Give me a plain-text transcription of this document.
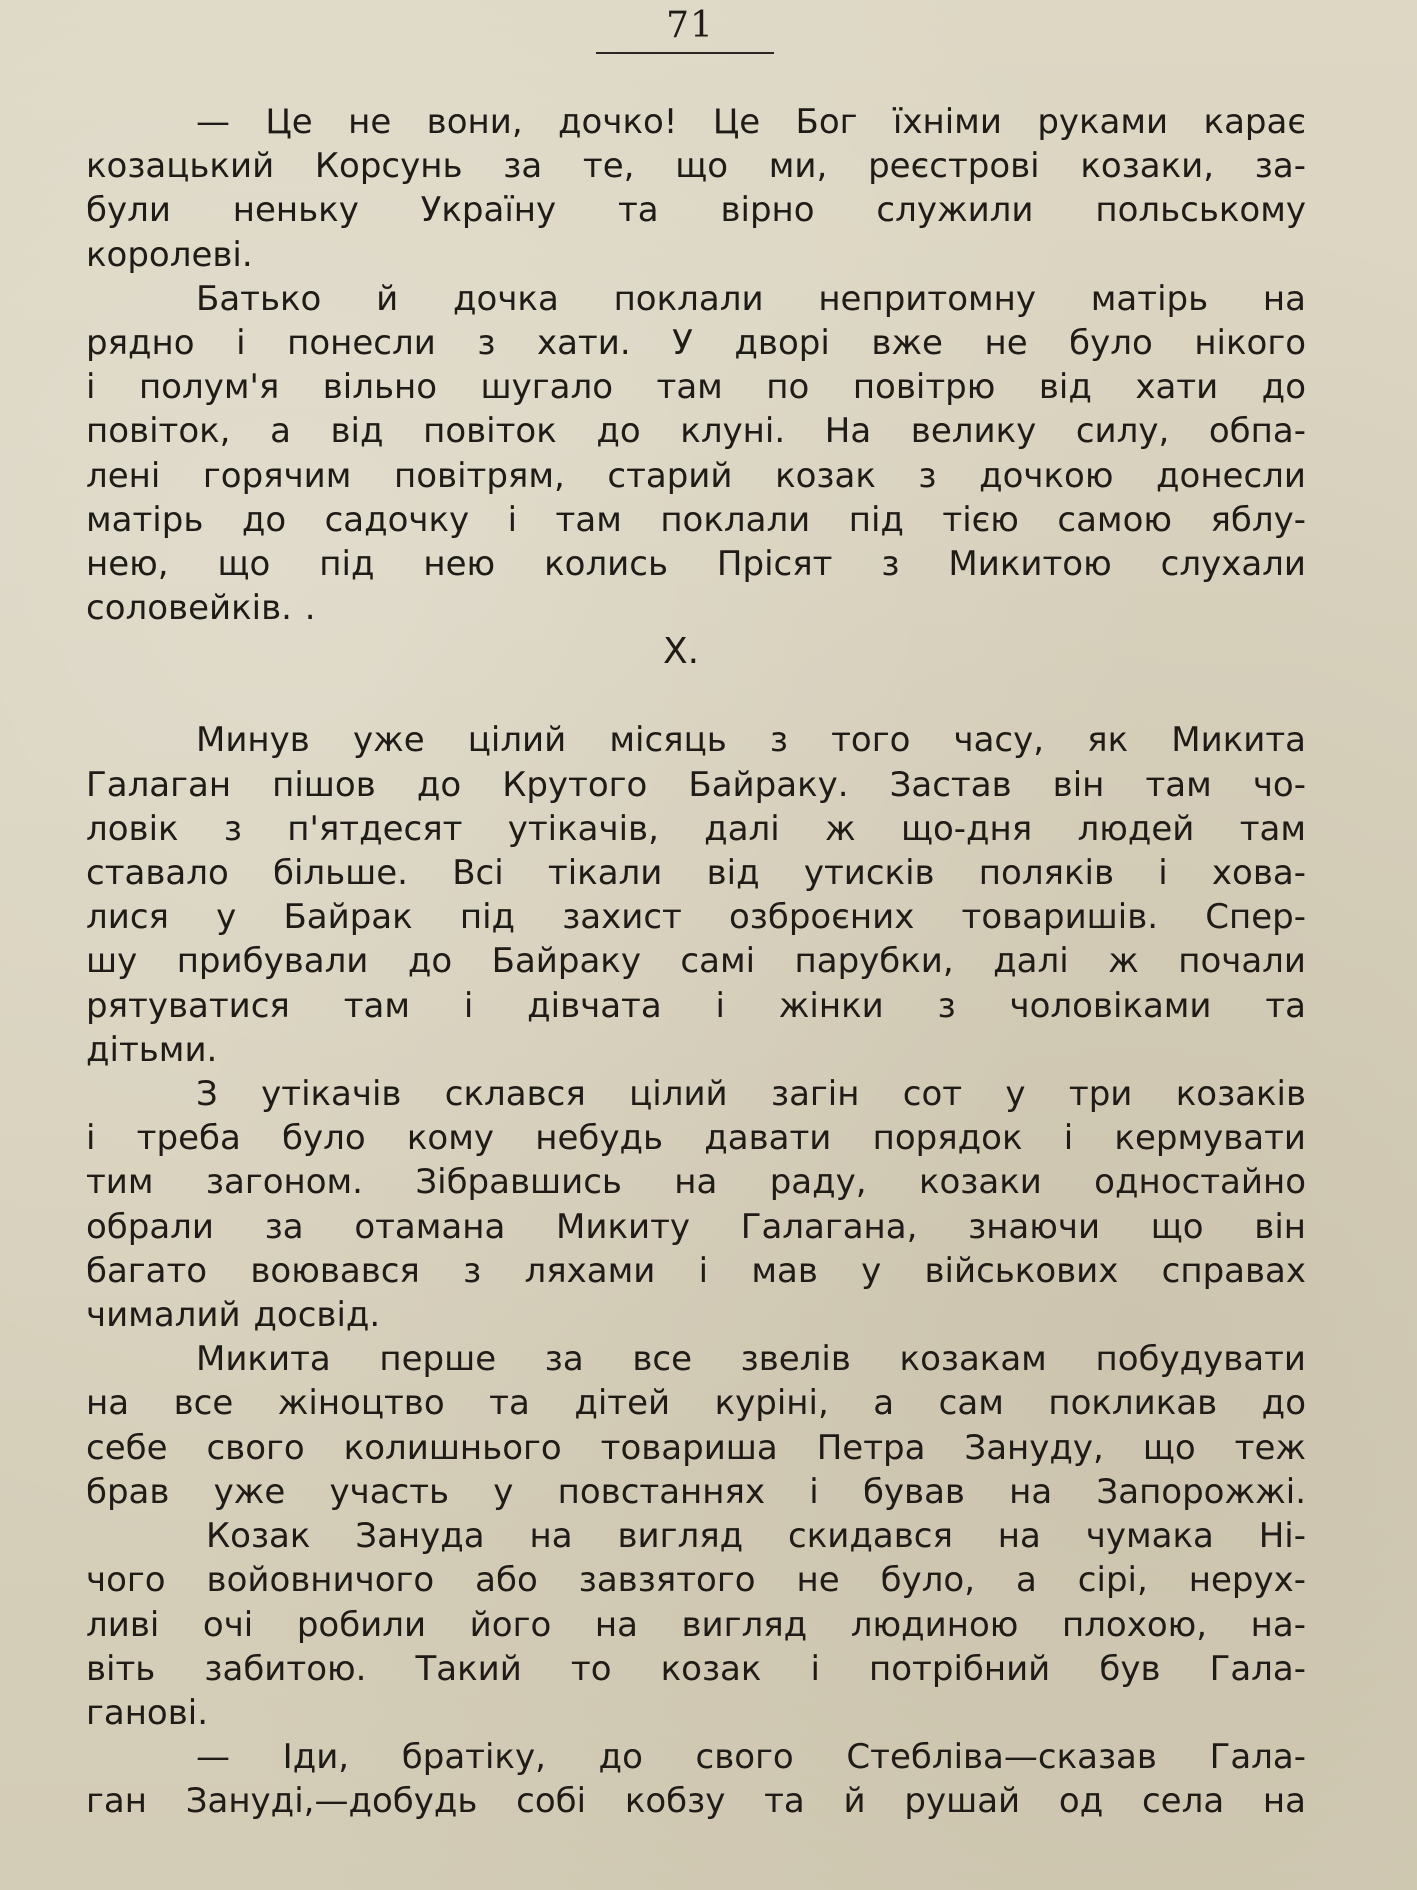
71
— Це не вони, дочко! Це Бог їхніми руками карає
козацький Корсунь за те, що ми, реєстрові козаки, за-
були неньку Україну та вірно служили польському
королеві.
Батько й дочка поклали непритомну матірь на
рядно і понесли з хати. У дворі вже не було нікого
і полум'я вільно шугало там по повітрю від хати до
повіток, а від повіток до клуні. На велику силу, обпа-
лені горячим повітрям, старий козак з дочкою донесли
матірь до садочку і там поклали під тією самою яблу-
нею, що під нею колись Прісят з Микитою слухали
соловейків. .
X.
Минув уже цілий місяць з того часу, як Микита
Галаган пішов до Крутого Байраку. Застав він там чо-
ловік з п'ятдесят утікачів, далі ж що-дня людей там
ставало більше. Всі тікали від утисків поляків і хова-
лися у Байрак під захист озброєних товаришів. Спер-
шу прибували до Байраку самі парубки, далі ж почали
рятуватися там і дівчата і жінки з чоловіками та
дітьми.
З утікачів склався цілий загін сот у три козаків
і треба було кому небудь давати порядок і кермувати
тим загоном. Зібравшись на раду, козаки одностайно
обрали за отамана Микиту Галагана, знаючи що він
багато воювався з ляхами і мав у військових справах
чималий досвід.
Микита перше за все звелів козакам побудувати
на все жіноцтво та дітей курінi, а сам покликав до
себе свого колишнього товариша Петра Зануду, що теж
брав уже участь у повстаннях і бував на Запорожжі.
Козак Зануда на вигляд скидався на чумака Ні-
чого войовничого або завзятого не було, а сірі, нерух-
ливі очі робили його на вигляд людиною плохою, на-
віть забитою. Такий то козак і потрібний був Гала-
ганові.
— Іди, братіку, до свого Стебліва—сказав Гала-
ган Зануді,—добудь собі кобзу та й рушай од села на
